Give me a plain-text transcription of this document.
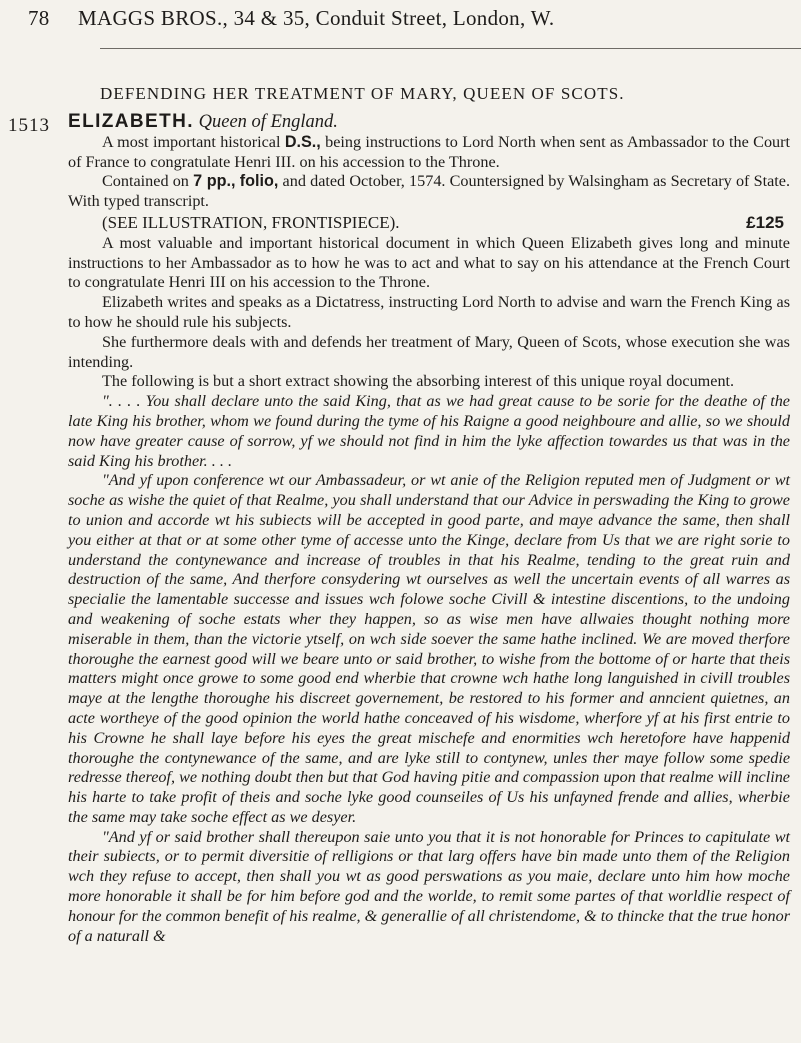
78 MAGGS BROS., 34 & 35, Conduit Street, London, W.
DEFENDING HER TREATMENT OF MARY, QUEEN OF SCOTS.
1513 ELIZABETH. Queen of England.

A most important historical D.S., being instructions to Lord North when sent as Ambassador to the Court of France to congratulate Henri III. on his accession to the Throne.

Contained on 7 pp., folio, and dated October, 1574. Countersigned by Walsingham as Secretary of State. With typed transcript.

(SEE ILLUSTRATION, FRONTISPIECE).	£125

A most valuable and important historical document in which Queen Elizabeth gives long and minute instructions to her Ambassador as to how he was to act and what to say on his attendance at the French Court to congratulate Henri III on his accession to the Throne.

Elizabeth writes and speaks as a Dictatress, instructing Lord North to advise and warn the French King as to how he should rule his subjects.

She furthermore deals with and defends her treatment of Mary, Queen of Scots, whose execution she was intending.

The following is but a short extract showing the absorbing interest of this unique royal document.

". . . . You shall declare unto the said King, that as we had great cause to be sorie for the deathe of the late King his brother, whom we found during the tyme of his Raigne a good neighboure and allie, so we should now have greater cause of sorrow, yf we should not find in him the lyke affection towardes us that was in the said King his brother. . . .

"And yf upon conference wt our Ambassadeur, or wt anie of the Religion reputed men of Judgment or wt soche as wishe the quiet of that Realme, you shall understand that our Advice in perswading the King to growe to union and accorde wt his subiects will be accepted in good parte, and maye advance the same, then shall you either at that or at some other tyme of accesse unto the Kinge, declare from Us that we are right sorie to understand the contynewance and increase of troubles in that his Realme, tending to the great ruin and destruction of the same, And therfore consydering wt ourselves as well the uncertain events of all warres as specialie the lamentable successe and issues wch folowe soche Civill & intestine discentions, to the undoing and weakening of soche estats wher they happen, so as wise men have allwaies thought nothing more miserable in them, than the victorie ytself, on wch side soever the same hathe inclined. We are moved therfore thoroughe the earnest good will we beare unto or said brother, to wishe from the bottome of or harte that theis matters might once growe to some good end wherbie that crowne wch hathe long languished in civill troubles maye at the lengthe thoroughe his discreet governement, be restored to his former and anncient quietnes, an acte wortheye of the good opinion the world hathe conceaved of his wisdome, wherfore yf at his first entrie to his Crowne he shall laye before his eyes the great mischefe and enormities wch heretofore have happenid thoroughe the contynewance of the same, and are lyke still to contynew, unles ther maye follow some spedie redresse thereof, we nothing doubt then but that God having pitie and compassion upon that realme will incline his harte to take profit of theis and soche lyke good counseiles of Us his unfayned frende and allies, wherbie the same may take soche effect as we desyer.

"And yf or said brother shall thereupon saie unto you that it is not honorable for Princes to capitulate wt their subiects, or to permit diversitie of relligions or that larg offers have bin made unto them of the Religion wch they refuse to accept, then shall you wt as good perswations as you maie, declare unto him how moche more honorable it shall be for him before god and the worlde, to remit some partes of that worldlie respect of honour for the common benefit of his realme, & generallie of all christendome, & to thincke that the true honor of a naturall &
